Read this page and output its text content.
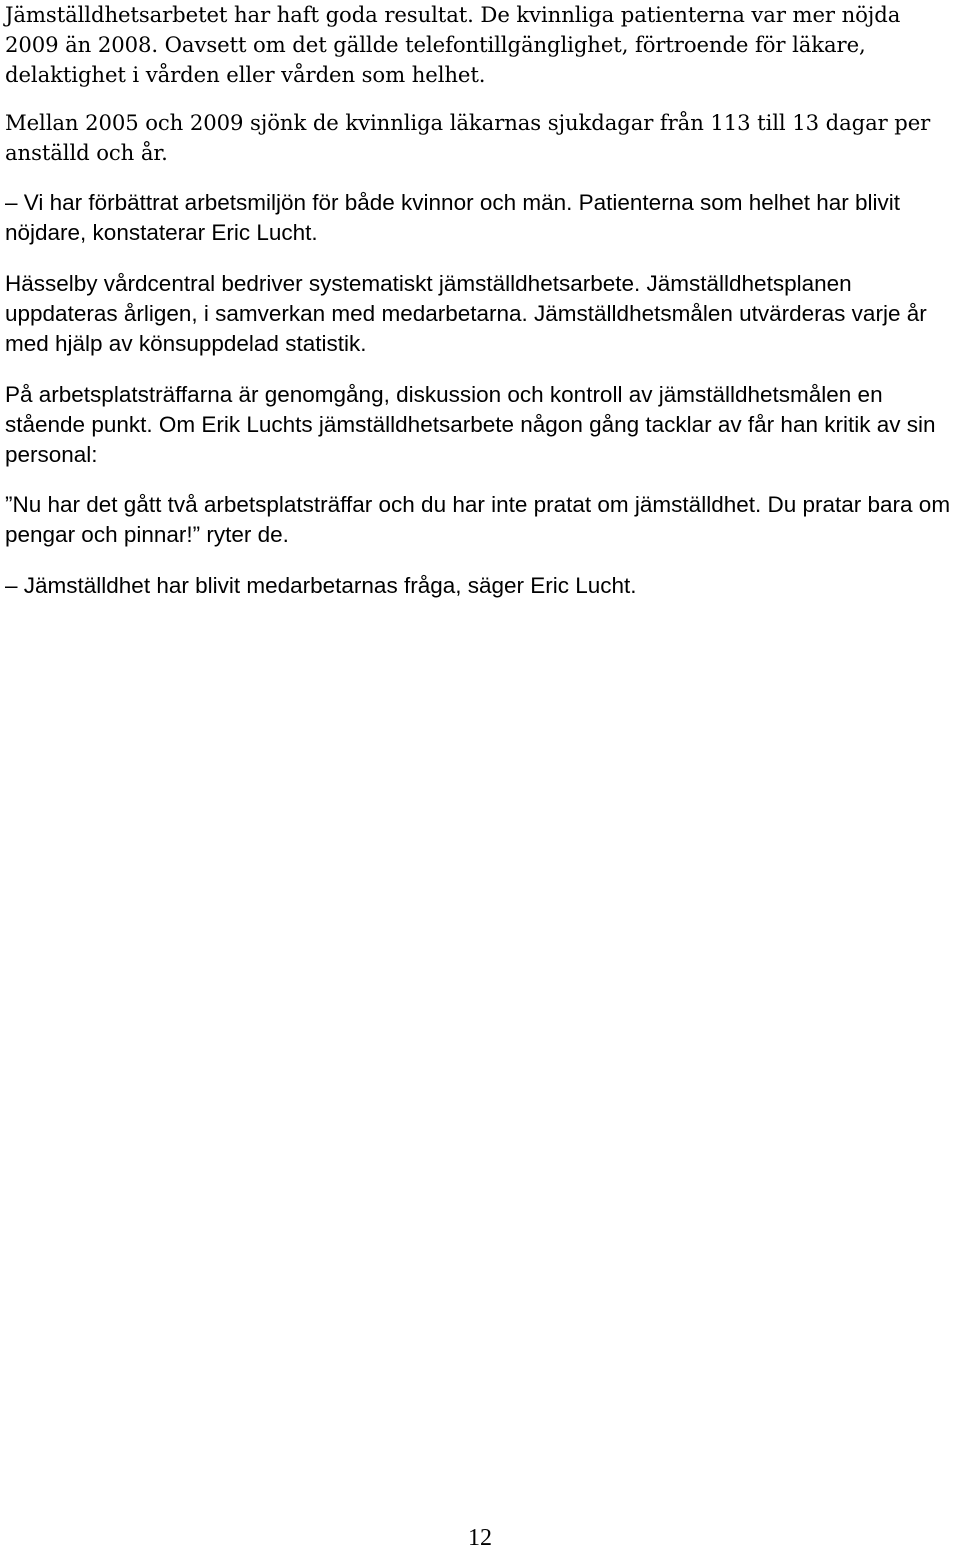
Jämställdhetsarbetet har haft goda resultat. De kvinnliga patienterna var mer nöjda 2009 än 2008. Oavsett om det gällde telefontillgänglighet, förtroende för läkare, delaktighet i vården eller vården som helhet.

Mellan 2005 och 2009 sjönk de kvinnliga läkarnas sjukdagar från 113 till 13 dagar per anställd och år.

– Vi har förbättrat arbetsmiljön för både kvinnor och män. Patienterna som helhet har blivit nöjdare, konstaterar Eric Lucht.

Hässelby vårdcentral bedriver systematiskt jämställdhetsarbete. Jämställdhetsplanen uppdateras årligen, i samverkan med medarbetarna. Jämställdhetsmålen utvärderas varje år med hjälp av könsuppdelad statistik.

På arbetsplatsträffarna är genomgång, diskussion och kontroll av jämställdhetsmålen en stående punkt. Om Erik Luchts jämställdhetsarbete någon gång tacklar av får han kritik av sin personal:

”Nu har det gått två arbetsplatsträffar och du har inte pratat om jämställdhet. Du pratar bara om pengar och pinnar!” ryter de.

– Jämställdhet har blivit medarbetarnas fråga, säger Eric Lucht.

12
